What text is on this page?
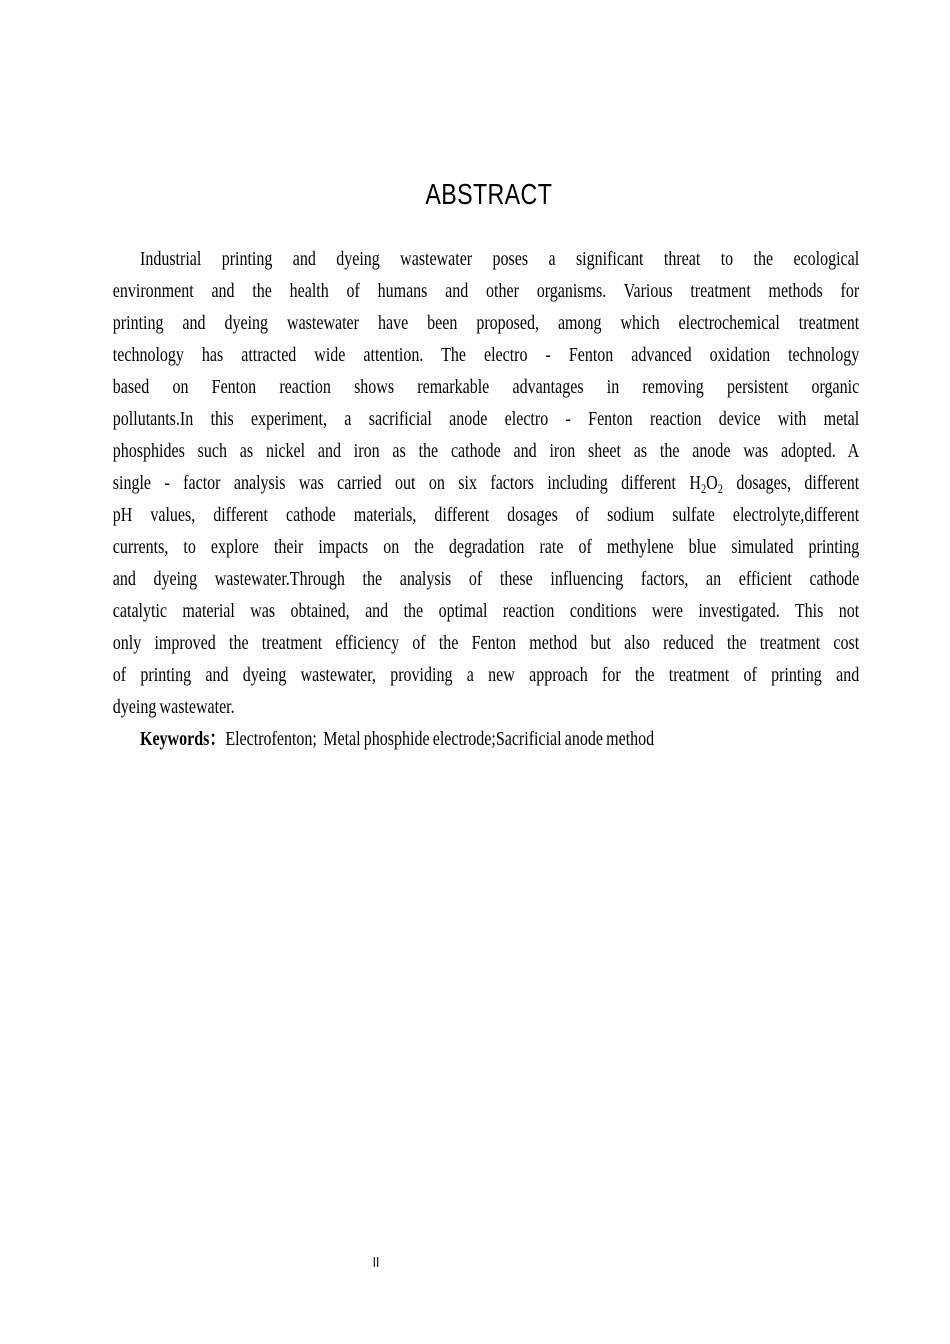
ABSTRACT
Industrial printing and dyeing wastewater poses a significant threat to the ecological
environment and the health of humans and other organisms. Various treatment methods for
printing and dyeing wastewater have been proposed, among which electrochemical treatment
technology has attracted wide attention. The electro - Fenton advanced oxidation technology
based on Fenton reaction shows remarkable advantages in removing persistent organic
pollutants.In this experiment, a sacrificial anode electro - Fenton reaction device with metal
phosphides such as nickel and iron as the cathode and iron sheet as the anode was adopted. A
single - factor analysis was carried out on six factors including different $H_2O_2$ dosages, different
pH values, different cathode materials, different dosages of sodium sulfate electrolyte,different
currents, to explore their impacts on the degradation rate of methylene blue simulated printing
and dyeing wastewater.Through the analysis of these influencing factors, an efficient cathode
catalytic material was obtained, and the optimal reaction conditions were investigated. This not
only improved the treatment efficiency of the Fenton method but also reduced the treatment cost
of printing and dyeing wastewater, providing a new approach for the treatment of printing and
dyeing wastewater.
Keywords：Electrofenton;  Metal phosphide electrode;Sacrificial anode method
II
